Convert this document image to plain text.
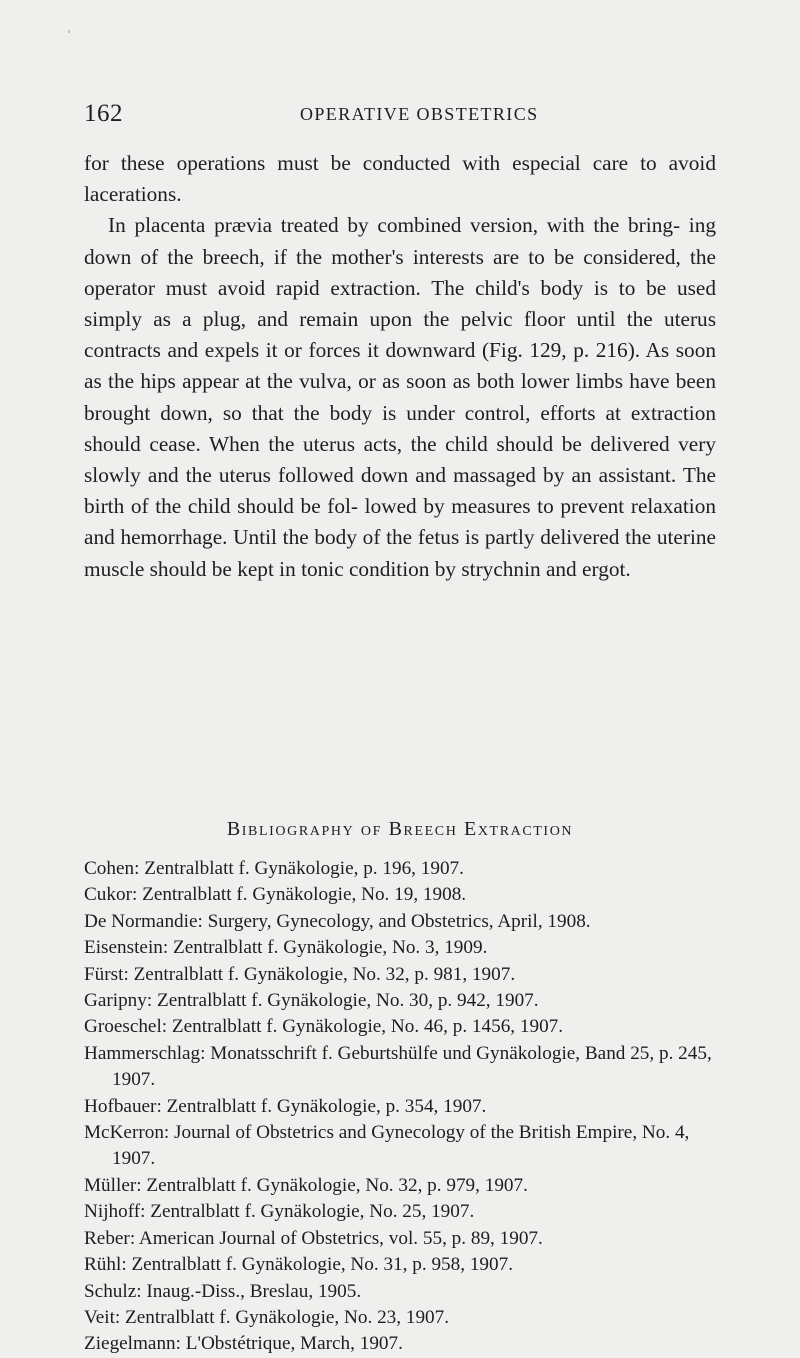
162	OPERATIVE OBSTETRICS

for these operations must be conducted with especial care to avoid lacerations.

In placenta prævia treated by combined version, with the bring- ing down of the breech, if the mother's interests are to be considered, the operator must avoid rapid extraction. The child's body is to be used simply as a plug, and remain upon the pelvic floor until the uterus contracts and expels it or forces it downward (Fig. 129, p. 216). As soon as the hips appear at the vulva, or as soon as both lower limbs have been brought down, so that the body is under control, efforts at extraction should cease. When the uterus acts, the child should be delivered very slowly and the uterus followed down and massaged by an assistant. The birth of the child should be fol- lowed by measures to prevent relaxation and hemorrhage. Until the body of the fetus is partly delivered the uterine muscle should be kept in tonic condition by strychnin and ergot.

Bibliography of Breech Extraction
Cohen: Zentralblatt f. Gynäkologie, p. 196, 1907.
Cukor: Zentralblatt f. Gynäkologie, No. 19, 1908.
De Normandie: Surgery, Gynecology, and Obstetrics, April, 1908.
Eisenstein: Zentralblatt f. Gynäkologie, No. 3, 1909.
Fürst: Zentralblatt f. Gynäkologie, No. 32, p. 981, 1907.
Garipny: Zentralblatt f. Gynäkologie, No. 30, p. 942, 1907.
Groeschel: Zentralblatt f. Gynäkologie, No. 46, p. 1456, 1907.
Hammerschlag: Monatsschrift f. Geburtshülfe und Gynäkologie, Band 25, p. 245, 1907.
Hofbauer: Zentralblatt f. Gynäkologie, p. 354, 1907.
McKerron: Journal of Obstetrics and Gynecology of the British Empire, No. 4, 1907.
Müller: Zentralblatt f. Gynäkologie, No. 32, p. 979, 1907.
Nijhoff: Zentralblatt f. Gynäkologie, No. 25, 1907.
Reber: American Journal of Obstetrics, vol. 55, p. 89, 1907.
Rühl: Zentralblatt f. Gynäkologie, No. 31, p. 958, 1907.
Schulz: Inaug.-Diss., Breslau, 1905.
Veit: Zentralblatt f. Gynäkologie, No. 23, 1907.
Ziegelmann: L'Obstétrique, March, 1907.
